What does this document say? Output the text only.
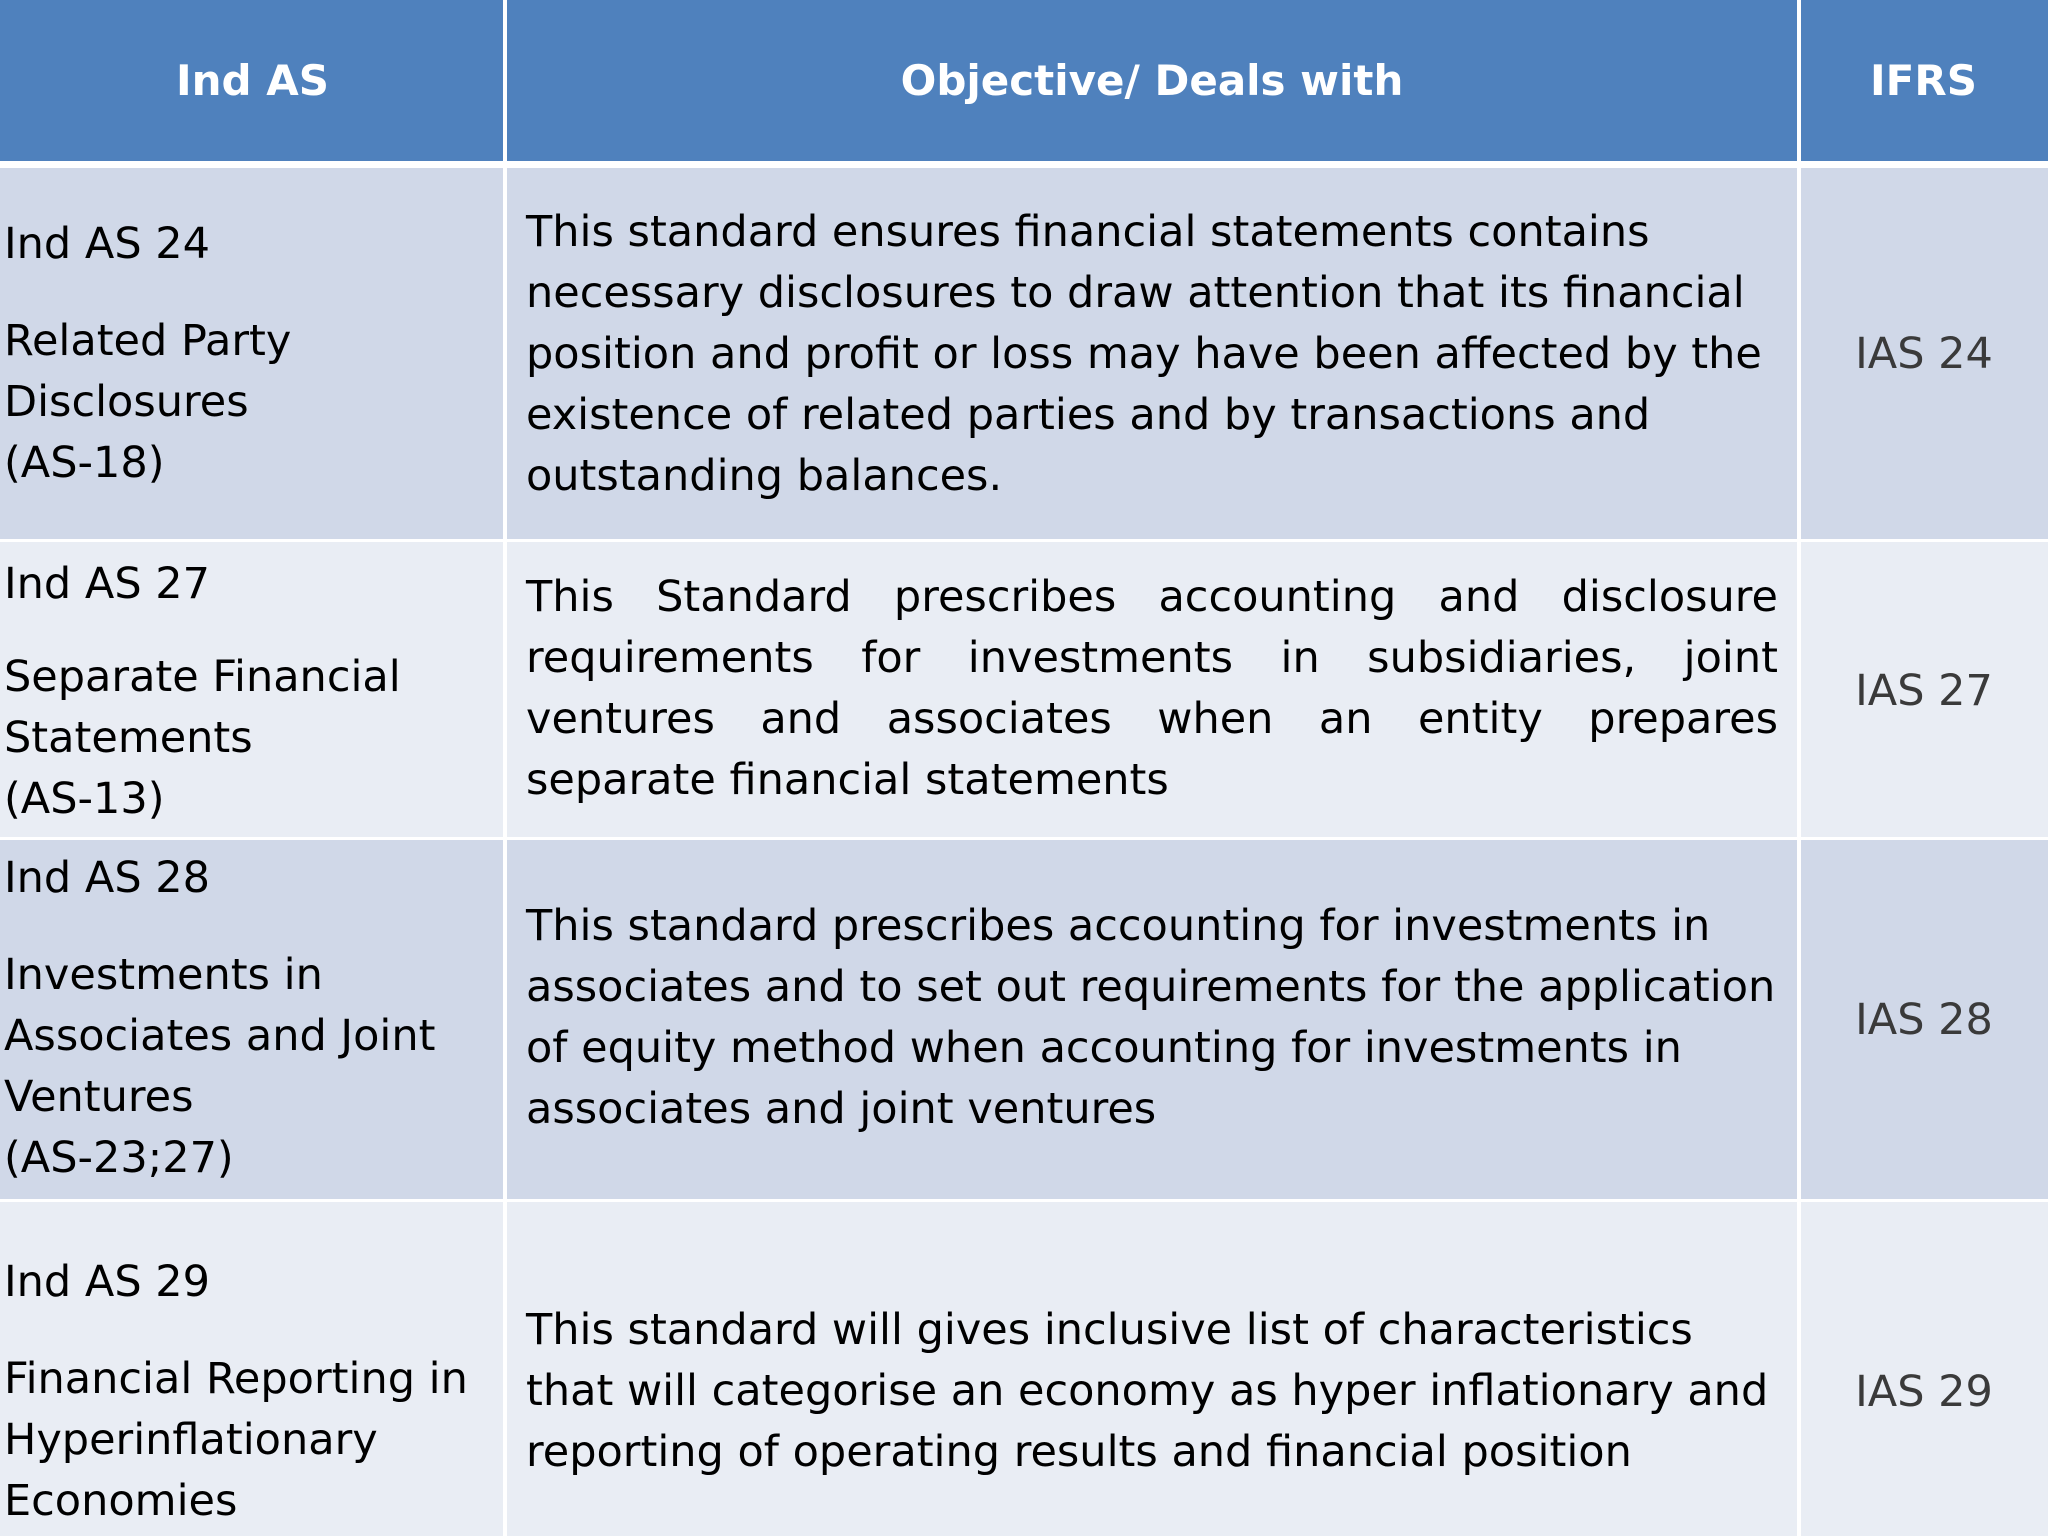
Ind AS	Objective/ Deals with	IFRS
Ind AS 24
Related Party
Disclosures
(AS-18)
This standard ensures financial statements contains necessary disclosures to draw attention that its financial position and profit or loss may have been affected by the existence of related parties and by transactions and outstanding balances.
IAS 24
Ind AS 27
Separate Financial
Statements
(AS-13)
This Standard prescribes accounting and disclosure requirements for investments in subsidiaries, joint ventures and associates when an entity prepares separate financial statements
IAS 27
Ind AS 28
Investments in
Associates and Joint
Ventures
(AS-23;27)
This standard prescribes accounting for investments in associates and to set out requirements for the application of equity method when accounting for investments in associates and joint ventures
IAS 28
Ind AS 29
Financial Reporting in
Hyperinflationary
Economies
This standard will gives inclusive list of characteristics that will categorise an economy as hyper inflationary and reporting of operating results and financial position
IAS 29
